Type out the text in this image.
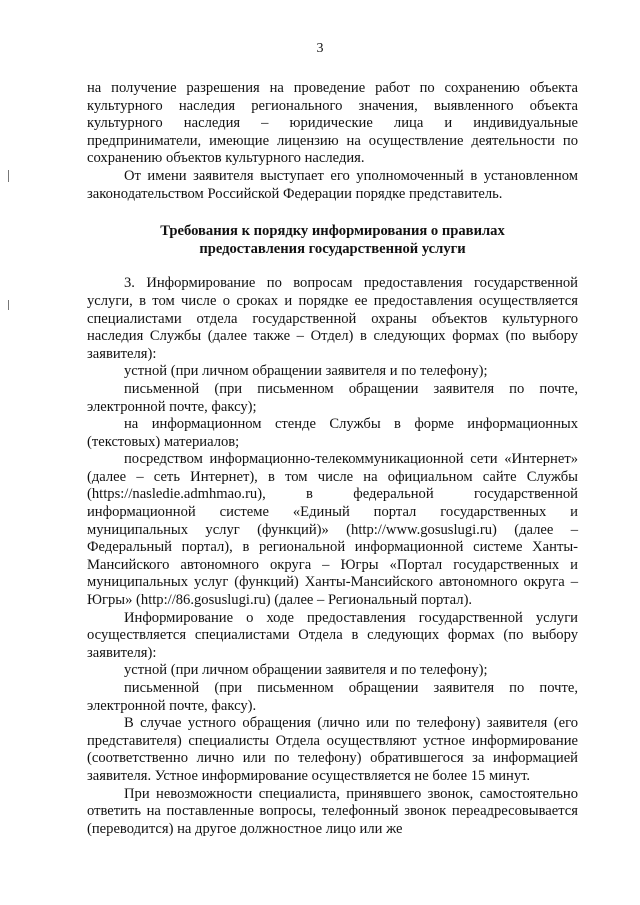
3

на получение разрешения на проведение работ по сохранению объекта культурного наследия регионального значения, выявленного объекта культурного наследия – юридические лица и индивидуальные предприниматели, имеющие лицензию на осуществление деятельности по сохранению объектов культурного наследия.

От имени заявителя выступает его уполномоченный в установленном законодательством Российской Федерации порядке представитель.

Требования к порядку информирования о правилах
предоставления государственной услуги

3. Информирование по вопросам предоставления государственной услуги, в том числе о сроках и порядке ее предоставления осуществляется специалистами отдела государственной охраны объектов культурного наследия Службы (далее также – Отдел) в следующих формах (по выбору заявителя):

устной (при личном обращении заявителя и по телефону);

письменной (при письменном обращении заявителя по почте, электронной почте, факсу);

на информационном стенде Службы в форме информационных (текстовых) материалов;

посредством информационно-телекоммуникационной сети «Интернет» (далее – сеть Интернет), в том числе на официальном сайте Службы (https://nasledie.admhmao.ru), в федеральной государственной информационной системе «Единый портал государственных и муниципальных услуг (функций)» (http://www.gosuslugi.ru) (далее – Федеральный портал), в региональной информационной системе Ханты-Мансийского автономного округа – Югры «Портал государственных и муниципальных услуг (функций) Ханты-Мансийского автономного округа – Югры» (http://86.gosuslugi.ru) (далее – Региональный портал).

Информирование о ходе предоставления государственной услуги осуществляется специалистами Отдела в следующих формах (по выбору заявителя):

устной (при личном обращении заявителя и по телефону);

письменной (при письменном обращении заявителя по почте, электронной почте, факсу).

В случае устного обращения (лично или по телефону) заявителя (его представителя) специалисты Отдела осуществляют устное информирование (соответственно лично или по телефону) обратившегося за информацией заявителя. Устное информирование осуществляется не более 15 минут.

При невозможности специалиста, принявшего звонок, самостоятельно ответить на поставленные вопросы, телефонный звонок переадресовывается (переводится) на другое должностное лицо или же
